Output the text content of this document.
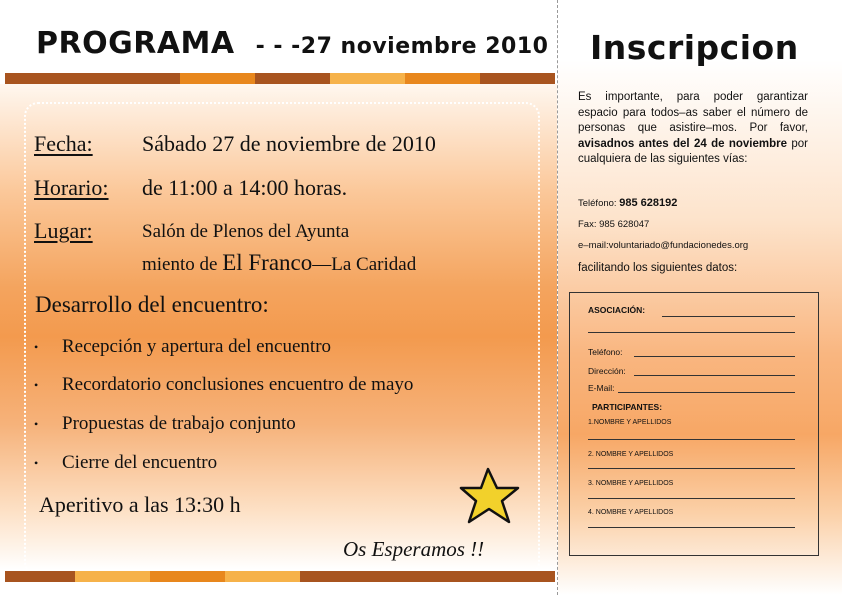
PROGRAMA - - -27 noviembre 2010
Fecha: Sábado 27 de noviembre de 2010
Horario: de 11:00 a 14:00 horas.
Lugar:	Salón de Plenos del Ayunta
miento de El Franco—La Caridad
Desarrollo del encuentro:
• Recepción y apertura del encuentro
• Recordatorio conclusiones encuentro de mayo
• Propuestas de trabajo conjunto
• Cierre del encuentro
Aperitivo a las 13:30 h
Os Esperamos !!
Inscripcion
Es importante, para poder garantizar espacio para todos–as saber el número de personas que asistire–mos. Por favor, avisadnos antes del 24 de noviembre por cualquiera de las siguientes vías:
Teléfono: 985 628192
Fax: 985 628047
e–mail:voluntariado@fundacionedes.org
facilitando los siguientes datos:
ASOCIACIÓN:
Teléfono:
Dirección:
E-Mail:
PARTICIPANTES:
1.NOMBRE Y APELLIDOS
2. NOMBRE Y APELLIDOS
3. NOMBRE Y APELLIDOS
4. NOMBRE Y APELLIDOS
